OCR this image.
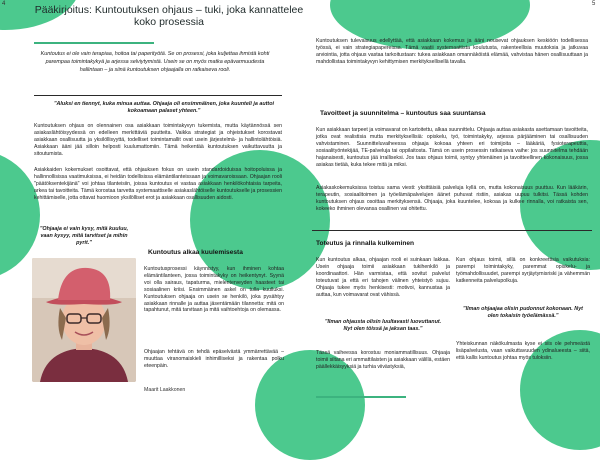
4	5
Pääkirjoitus: Kuntoutuksen ohjaus – tuki, joka kannattelee koko prosessia
Kuntoutus ei ole vain terapiaa, hoitoa tai paperityötä. Se on prosessi, joka kuljettaa ihmistä kohti parempaa toimintakykyä ja arjessa selviytymistä. Usein se on myös matka epävarmuudesta hallintaan – ja siinä kuntoutuksen ohjaajalla on ratkaiseva rooli.
"Aluksi en tiennyt, kuka minua auttaa. Ohjaaja oli ensimmäinen, joka kuunteli ja auttoi kokoamaan palaset yhteen."
Kuntoutuksen ohjaus on olennainen osa asiakkaan toimintakyvyn tukemista, mutta käytännössä sen asiakaslähtöisyydessä on edelleen merkittäviä puutteita. Vaikka strategiat ja ohjeistukset korostavat asiakkaan osallisuutta ja yksilöllisyyttä, todelliset toimintamallit ovat usein järjestelmä- ja hallintolähtöisiä. Asiakkaan ääni jää silloin helposti kuulumattomiin. Tämä heikentää kuntoutuksen vaikuttavuutta ja sitoutumista.
Asiakkaiden kokemukset osoittavat, että ohjauksen fokus on usein standardoiduissa hoitopoluissa ja hallinnollisissa vaatimuksissa, ei heidän todellisissa elämäntilanteissaan ja voimavaroissaan. Ohjaajan rooli "päätöksentekijänä" voi johtaa tilanteisiin, joissa kuntoutus ei vastaa asiakkaan henkilökohtaisia tarpeita, arkea tai tavoitteita. Tämä korostaa tarvetta systemaattiselle asiakaslähtöiselle kuntoutukselle ja prosessien kehittämiselle, jotta ottavat huomioon yksilölliset erot ja asiakkaan osallisuuden aidosti.
"Ohjaaja ei vain kysy, mitä kuuluu, vaan kysyy, mitä tarvitset ja mihin pyrit."
Kuntoutus alkaa kuulemisesta
Kuntoutusprosessi käynnistyy, kun ihminen kohtaa elämäntilanteen, jossa toimintakyky on heikentynyt. Syynä voi olla sairaus, tapaturma, mielenterveyden haasteet tai sosiaalinen kriisi. Ensimmäinen askel on tulla kuulluksi. Kuntoutuksen ohjaaja on usein se henkilö, joka pysähtyy asiakkaan rinnalle ja auttaa jäsentämään tilannetta: mitä on tapahtunut, mitä tarvitaan ja mitä vaihtoehtoja on olemassa.
Ohjaajan tehtävä on tehdä epäselvästä ymmärrettävää – muuttaa viranomaiskieli inhimilliseksi ja rakentaa polku eteenpäin.
Maarit Laakkonen
Kuntoutuksen tulevaisuus edellyttää, että asiakkaan kokemus ja ääni nousevat ohjauksen keskiöön todellisessa työssä, ei vain strategiapapereissa. Tämä vaatii systemaattista koulutusta, rakenteellisia muutoksia ja jatkuvaa arviointia, jotta ohjaus vastaa tarkoitustaan: tukea asiakkaan omannäköistä elämää, vahvistaa hänen osallisuuttaan ja mahdollistaa toimintakyvyn kehittymisen merkityksellisellä tavalla.
Tavoitteet ja suunnitelma – kuntoutus saa suuntansa
Kun asiakkaan tarpeet ja voimavarat on kartoitettu, alkaa suunnittelu. Ohjaaja auttaa asiakasta asettamaan tavoitteita, jotka ovat realistisia mutta merkityksellisiä: opiskelu, työ, toimintakyky, arjessa pärjääminen tai osallisuuden vahvistaminen. Suunnitteluvaiheessa ohjaaja kokoaa yhteen eri toimijoita – lääkäriä, fysioterapeuttia, sosiaalityöntekijää, TE-palveluja tai oppilaitosta. Tämä on usein prosessin ratkaiseva vaihe: jos suunnitelma tehdään hajanaisesti, kuntoutus jää irralliseksi. Jos taas ohjaus toimii, syntyy yhtenäinen ja tavoitteellinen kokonaisuus, jossa asiakas tietää, kuka tekee mitä ja miksi.
Asiakaskokemuksissa toistuu sama viesti: yksittäisiä palveluja kyllä on, mutta kokonaisuus puuttuu. Kun lääkärin, terapeutin, sosiaalitoimen ja työelämäpalvelujen äänet puhuvat ristiin, asiakas uupuu tulkitsi. Tässä kohden kuntoutuksen ohjaus osoittaa merkityksensä. Ohjaaja, joka kuuntelee, kokoaa ja kulkee rinnalla, voi ratkaista sen, kokeeko ihminen olevansa osallinen vai ohitettu.
Toteutus ja rinnalla kulkeminen
Kun kuntoutus alkaa, ohjaajan rooli ei suinkaan lakkaa. Usein ohjaaja toimii asiakkaan tukihenkilö ja koordinaattori. Hän varmistaa, että sovitut palvelut toteutuvat ja että eri tahojen välinen yhteistyö sujuu. Ohjaaja tukee myös henkisesti: motivoi, kannustaa ja auttaa, kun voimavarat ovat vähissä.
"Ilman ohjausta olisin luultavasti luovuttanut. Nyt olen töissä ja jaksan taas."
Tässä vaiheessa korostuu moniammatillisuus. Ohjaaja toimii siltana eri ammattilaisten ja asiakkaan välillä, estäen päällekkäisyyksiä ja turhia viivästyksiä,
Kun ohjaus toimii, sillä on konkreettisia vaikutuksia: parempi toimintakyky, paremmat opiskelu- ja työmahdollisuudet, parempi syrjäytymisriski ja vähemmän katkenneita palvelupolkuja.
"Ilman ohjaajaa olisin pudonnut kokonaan. Nyt olen tokaisin työelämässä."
Yhteiskunnan näkökulmasta kyse ei siis ole pehmeästä lisäpalvelusta, vaan vaikuttavuuden ydinalueesta – siitä, että kallis kuntoutus johtaa myös tuloksiin.
